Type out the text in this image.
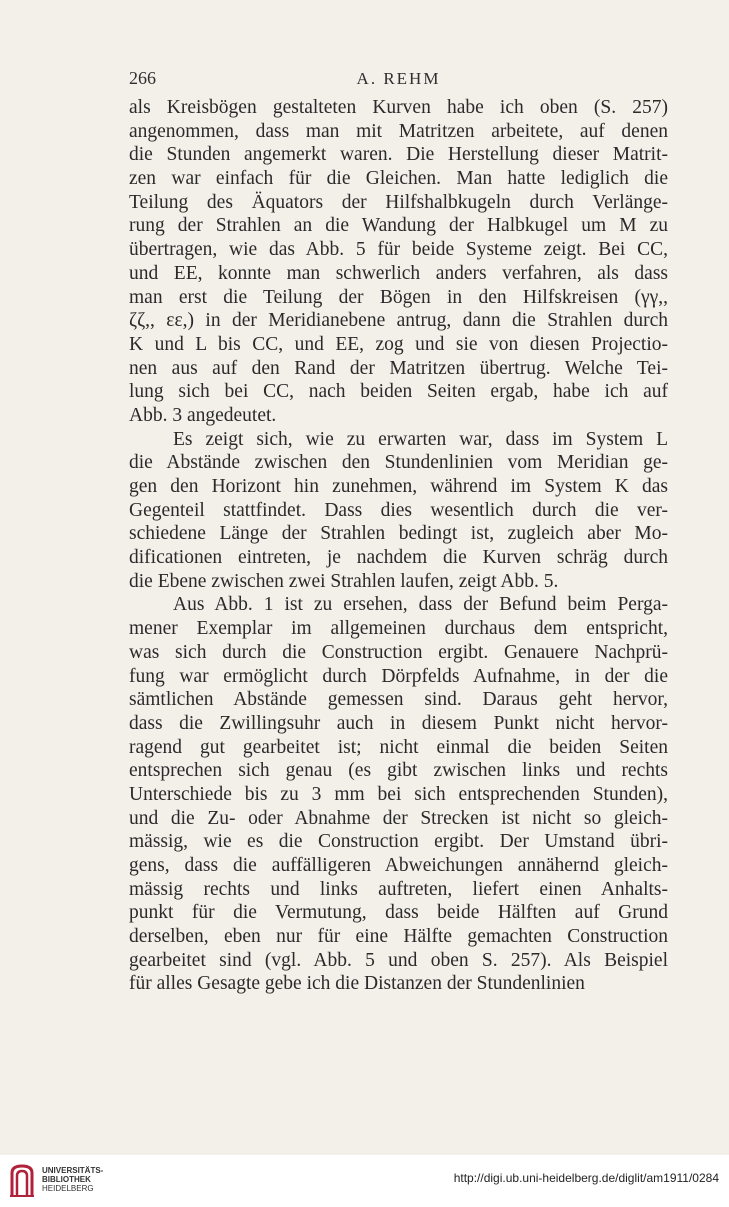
266	A. REHM
als Kreisbögen gestalteten Kurven habe ich oben (S. 257)
angenommen, dass man mit Matritzen arbeitete, auf denen
die Stunden angemerkt waren. Die Herstellung dieser Matrit-
zen war einfach für die Gleichen. Man hatte lediglich die
Teilung des Äquators der Hilfshalbkugeln durch Verlänge-
rung der Strahlen an die Wandung der Halbkugel um M zu
übertragen, wie das Abb. 5 für beide Systeme zeigt. Bei CC,
und EE, konnte man schwerlich anders verfahren, als dass
man erst die Teilung der Bögen in den Hilfskreisen (γγ,,
ζζ,, εε,) in der Meridianebene antrug, dann die Strahlen durch
K und L bis CC, und EE, zog und sie von diesen Projectio-
nen aus auf den Rand der Matritzen übertrug. Welche Tei-
lung sich bei CC, nach beiden Seiten ergab, habe ich auf
Abb. 3 angedeutet.
Es zeigt sich, wie zu erwarten war, dass im System L
die Abstände zwischen den Stundenlinien vom Meridian ge-
gen den Horizont hin zunehmen, während im System K das
Gegenteil stattfindet. Dass dies wesentlich durch die ver-
schiedene Länge der Strahlen bedingt ist, zugleich aber Mo-
dificationen eintreten, je nachdem die Kurven schräg durch
die Ebene zwischen zwei Strahlen laufen, zeigt Abb. 5.
Aus Abb. 1 ist zu ersehen, dass der Befund beim Perga-
mener Exemplar im allgemeinen durchaus dem entspricht,
was sich durch die Construction ergibt. Genauere Nachprü-
fung war ermöglicht durch Dörpfelds Aufnahme, in der die
sämtlichen Abstände gemessen sind. Daraus geht hervor,
dass die Zwillingsuhr auch in diesem Punkt nicht hervor-
ragend gut gearbeitet ist; nicht einmal die beiden Seiten
entsprechen sich genau (es gibt zwischen links und rechts
Unterschiede bis zu 3 mm bei sich entsprechenden Stunden),
und die Zu- oder Abnahme der Strecken ist nicht so gleich-
mässig, wie es die Construction ergibt. Der Umstand übri-
gens, dass die auffälligeren Abweichungen annähernd gleich-
mässig rechts und links auftreten, liefert einen Anhalts-
punkt für die Vermutung, dass beide Hälften auf Grund
derselben, eben nur für eine Hälfte gemachten Construction
gearbeitet sind (vgl. Abb. 5 und oben S. 257). Als Beispiel
für alles Gesagte gebe ich die Distanzen der Stundenlinien
UNIVERSITÄTS-
BIBLIOTHEK
HEIDELBERG
http://digi.ub.uni-heidelberg.de/diglit/am1911/0284
